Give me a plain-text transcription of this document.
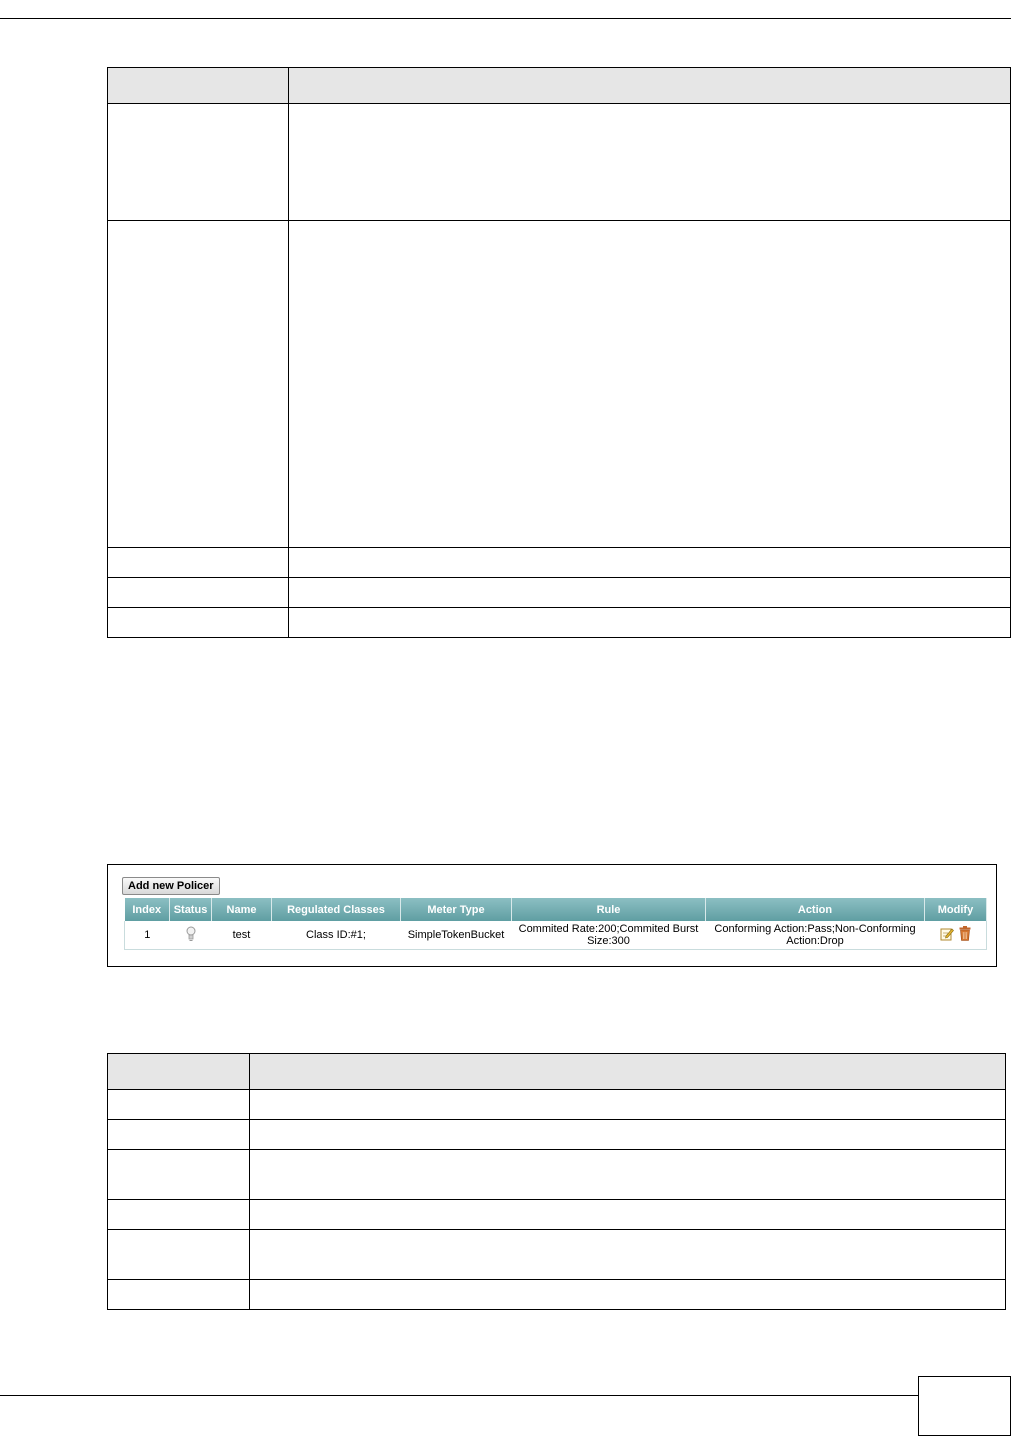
Add new Policer
Index	Status	Name	Regulated Classes	Meter Type	Rule	Action	Modify
1		test	Class ID:#1;	SimpleTokenBucket	Commited Rate:200;Commited Burst Size:300	Conforming Action:Pass;Non-Conforming Action:Drop	
